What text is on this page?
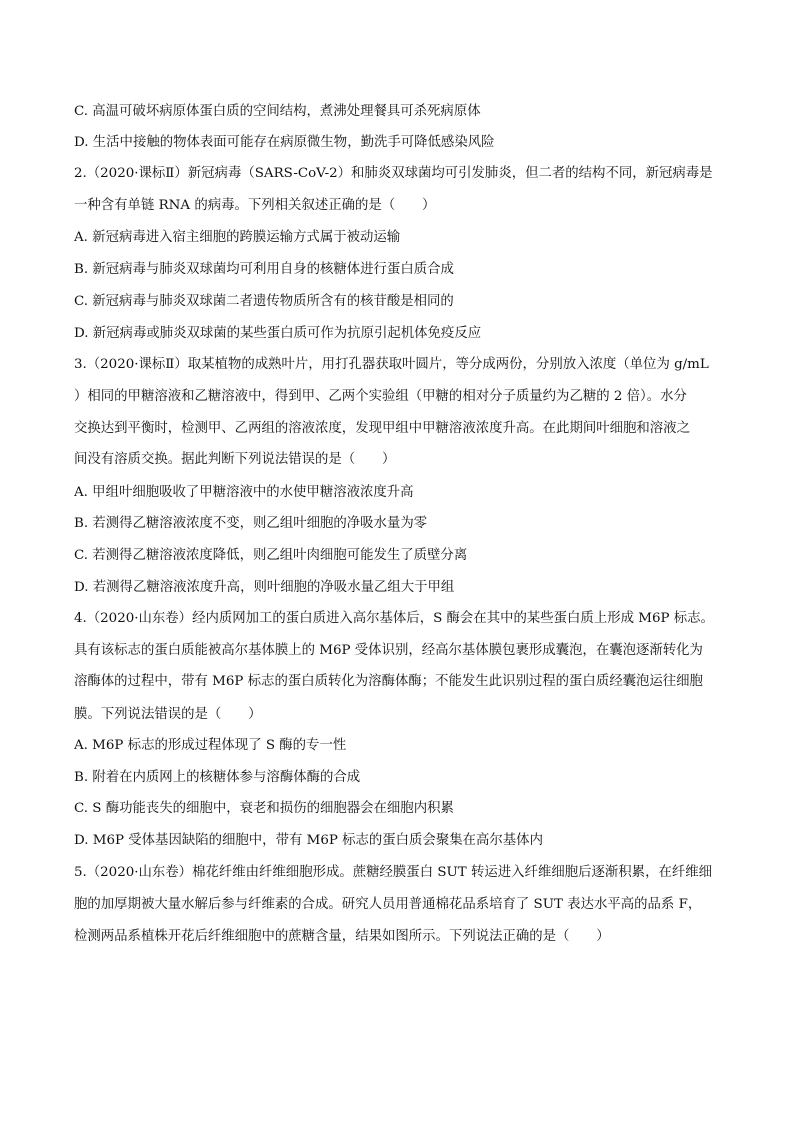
C. 高温可破坏病原体蛋白质的空间结构，煮沸处理餐具可杀死病原体
D. 生活中接触的物体表面可能存在病原微生物，勤洗手可降低感染风险
2.（2020·课标Ⅱ）新冠病毒（SARS-CoV-2）和肺炎双球菌均可引发肺炎，但二者的结构不同，新冠病毒是
一种含有单链 RNA 的病毒。下列相关叙述正确的是（　　）
A. 新冠病毒进入宿主细胞的跨膜运输方式属于被动运输
B. 新冠病毒与肺炎双球菌均可利用自身的核糖体进行蛋白质合成
C. 新冠病毒与肺炎双球菌二者遗传物质所含有的核苷酸是相同的
D. 新冠病毒或肺炎双球菌的某些蛋白质可作为抗原引起机体免疫反应
3.（2020·课标Ⅱ）取某植物的成熟叶片，用打孔器获取叶圆片，等分成两份，分别放入浓度（单位为 g/mL
）相同的甲糖溶液和乙糖溶液中，得到甲、乙两个实验组（甲糖的相对分子质量约为乙糖的 2 倍）。水分
交换达到平衡时，检测甲、乙两组的溶液浓度，发现甲组中甲糖溶液浓度升高。在此期间叶细胞和溶液之
间没有溶质交换。据此判断下列说法错误的是（　　）
A. 甲组叶细胞吸收了甲糖溶液中的水使甲糖溶液浓度升高
B. 若测得乙糖溶液浓度不变，则乙组叶细胞的净吸水量为零
C. 若测得乙糖溶液浓度降低，则乙组叶肉细胞可能发生了质壁分离
D. 若测得乙糖溶液浓度升高，则叶细胞的净吸水量乙组大于甲组
4.（2020·山东卷）经内质网加工的蛋白质进入高尔基体后，S 酶会在其中的某些蛋白质上形成 M6P 标志。
具有该标志的蛋白质能被高尔基体膜上的 M6P 受体识别，经高尔基体膜包裹形成囊泡，在囊泡逐渐转化为
溶酶体的过程中，带有 M6P 标志的蛋白质转化为溶酶体酶；不能发生此识别过程的蛋白质经囊泡运往细胞
膜。下列说法错误的是（　　）
A. M6P 标志的形成过程体现了 S 酶的专一性
B. 附着在内质网上的核糖体参与溶酶体酶的合成
C. S 酶功能丧失的细胞中，衰老和损伤的细胞器会在细胞内积累
D. M6P 受体基因缺陷的细胞中，带有 M6P 标志的蛋白质会聚集在高尔基体内
5.（2020·山东卷）棉花纤维由纤维细胞形成。蔗糖经膜蛋白 SUT 转运进入纤维细胞后逐渐积累，在纤维细
胞的加厚期被大量水解后参与纤维素的合成。研究人员用普通棉花品系培育了 SUT 表达水平高的品系 F，
检测两品系植株开花后纤维细胞中的蔗糖含量，结果如图所示。下列说法正确的是（　　）
